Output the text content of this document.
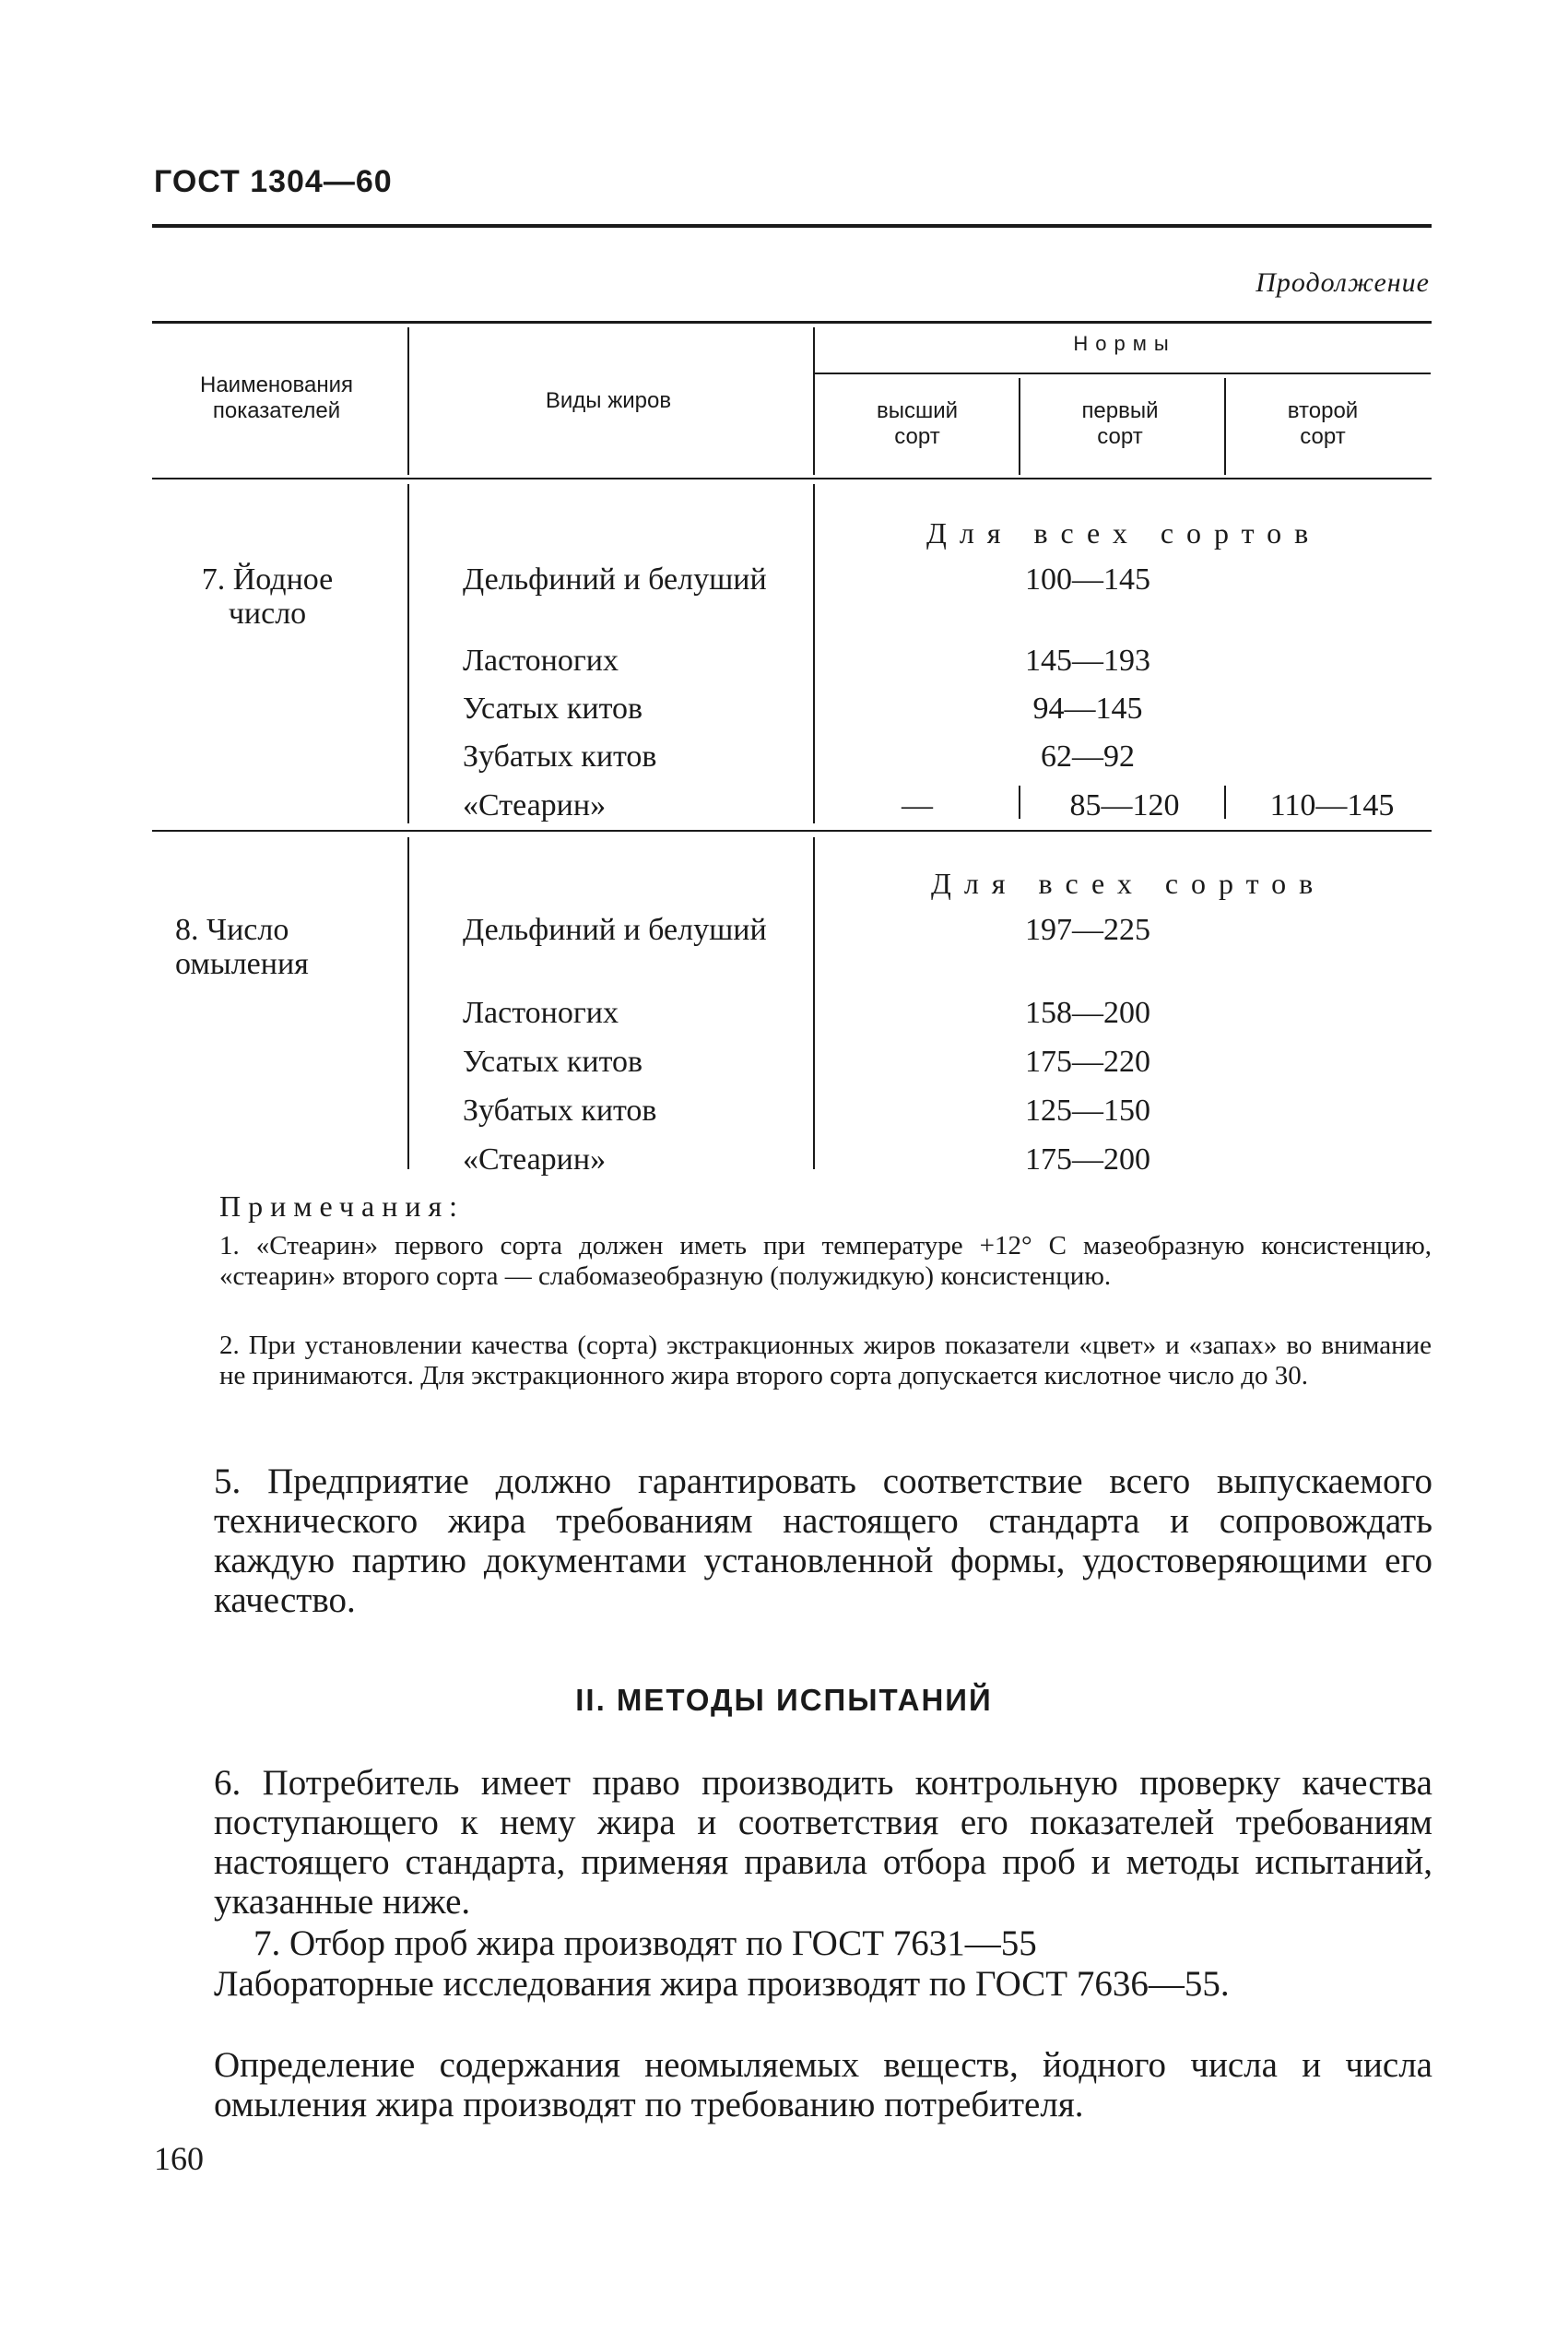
ГОСТ 1304—60
Продолжение
Наименования показателей	Виды жиров
Нормы
высший сорт
первый сорт
второй сорт
Для всех сортов
7. Йодное число
Дельфиний и белуший	100—145
Ластоногих	145—193
Усатых китов	94—145
Зубатых китов	62—92
«Стеарин»	—	85—120	110—145
Для всех сортов
8. Число омыления
Дельфиний и белуший	197—225
Ластоногих	158—200
Усатых китов	175—220
Зубатых китов	125—150
«Стеарин»	175—200
Примечания:
1. «Стеарин» первого сорта должен иметь при температуре +12° С мазеобразную консистенцию, «стеарин» второго сорта — слабомазеобразную (полужидкую) консистенцию.
2. При установлении качества (сорта) экстракционных жиров показатели «цвет» и «запах» во внимание не принимаются. Для экстракционного жира второго сорта допускается кислотное число до 30.
5. Предприятие должно гарантировать соответствие всего выпускаемого технического жира требованиям настоящего стандарта и сопровождать каждую партию документами установленной формы, удостоверяющими его качество.
II. МЕТОДЫ ИСПЫТАНИЙ
6. Потребитель имеет право производить контрольную проверку качества поступающего к нему жира и соответствия его показателей требованиям настоящего стандарта, применяя правила отбора проб и методы испытаний, указанные ниже.
7. Отбор проб жира производят по ГОСТ 7631—55
Лабораторные исследования жира производят по ГОСТ 7636—55.
Определение содержания неомыляемых веществ, йодного числа и числа омыления жира производят по требованию потребителя.
160
